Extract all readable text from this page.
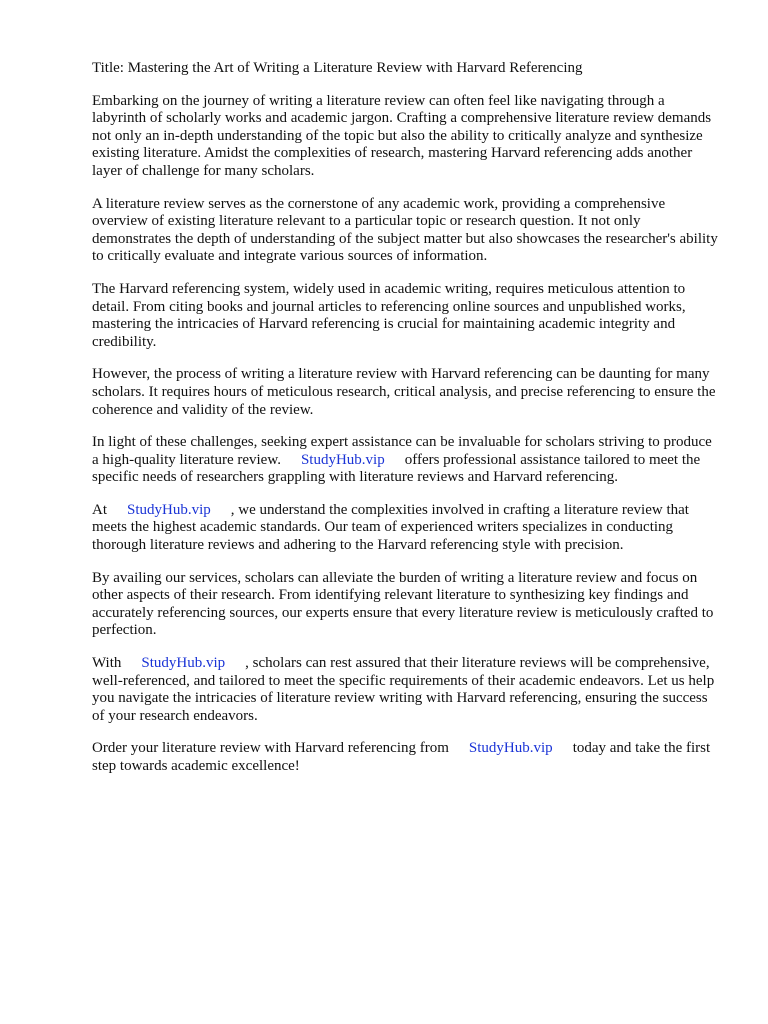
Title: Mastering the Art of Writing a Literature Review with Harvard Referencing

Embarking on the journey of writing a literature review can often feel like navigating through a labyrinth of scholarly works and academic jargon. Crafting a comprehensive literature review demands not only an in-depth understanding of the topic but also the ability to critically analyze and synthesize existing literature. Amidst the complexities of research, mastering Harvard referencing adds another layer of challenge for many scholars.

A literature review serves as the cornerstone of any academic work, providing a comprehensive overview of existing literature relevant to a particular topic or research question. It not only demonstrates the depth of understanding of the subject matter but also showcases the researcher's ability to critically evaluate and integrate various sources of information.

The Harvard referencing system, widely used in academic writing, requires meticulous attention to detail. From citing books and journal articles to referencing online sources and unpublished works, mastering the intricacies of Harvard referencing is crucial for maintaining academic integrity and credibility.

However, the process of writing a literature review with Harvard referencing can be daunting for many scholars. It requires hours of meticulous research, critical analysis, and precise referencing to ensure the coherence and validity of the review.

In light of these challenges, seeking expert assistance can be invaluable for scholars striving to produce a high-quality literature review. StudyHub.vip offers professional assistance tailored to meet the specific needs of researchers grappling with literature reviews and Harvard referencing.

At StudyHub.vip , we understand the complexities involved in crafting a literature review that meets the highest academic standards. Our team of experienced writers specializes in conducting thorough literature reviews and adhering to the Harvard referencing style with precision.

By availing our services, scholars can alleviate the burden of writing a literature review and focus on other aspects of their research. From identifying relevant literature to synthesizing key findings and accurately referencing sources, our experts ensure that every literature review is meticulously crafted to perfection.

With StudyHub.vip , scholars can rest assured that their literature reviews will be comprehensive, well-referenced, and tailored to meet the specific requirements of their academic endeavors. Let us help you navigate the intricacies of literature review writing with Harvard referencing, ensuring the success of your research endeavors.

Order your literature review with Harvard referencing from StudyHub.vip today and take the first step towards academic excellence!
